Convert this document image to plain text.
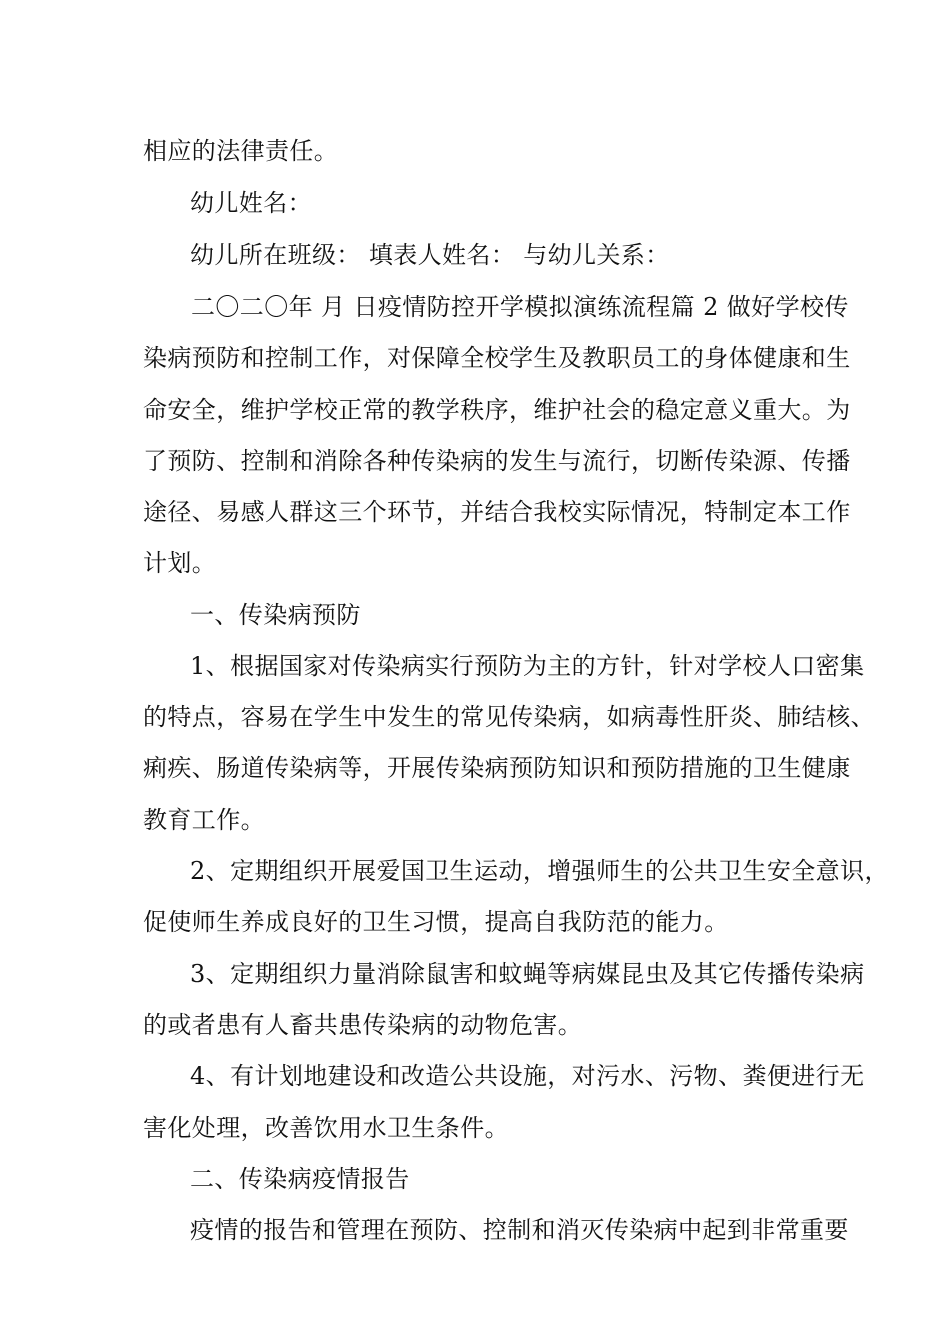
相应的法律责任。
幼儿姓名：
幼儿所在班级： 填表人姓名： 与幼儿关系：
二〇二〇年 月 日疫情防控开学模拟演练流程篇 2 做好学校传
染病预防和控制工作，对保障全校学生及教职员工的身体健康和生
命安全，维护学校正常的教学秩序，维护社会的稳定意义重大。为
了预防、控制和消除各种传染病的发生与流行，切断传染源、传播
途径、易感人群这三个环节，并结合我校实际情况，特制定本工作
计划。
一、传染病预防
1、根据国家对传染病实行预防为主的方针，针对学校人口密集
的特点，容易在学生中发生的常见传染病，如病毒性肝炎、肺结核、
痢疾、肠道传染病等，开展传染病预防知识和预防措施的卫生健康
教育工作。
2、定期组织开展爱国卫生运动，增强师生的公共卫生安全意识，
促使师生养成良好的卫生习惯，提高自我防范的能力。
3、定期组织力量消除鼠害和蚊蝇等病媒昆虫及其它传播传染病
的或者患有人畜共患传染病的动物危害。
4、有计划地建设和改造公共设施，对污水、污物、粪便进行无
害化处理，改善饮用水卫生条件。
二、传染病疫情报告
疫情的报告和管理在预防、控制和消灭传染病中起到非常重要
